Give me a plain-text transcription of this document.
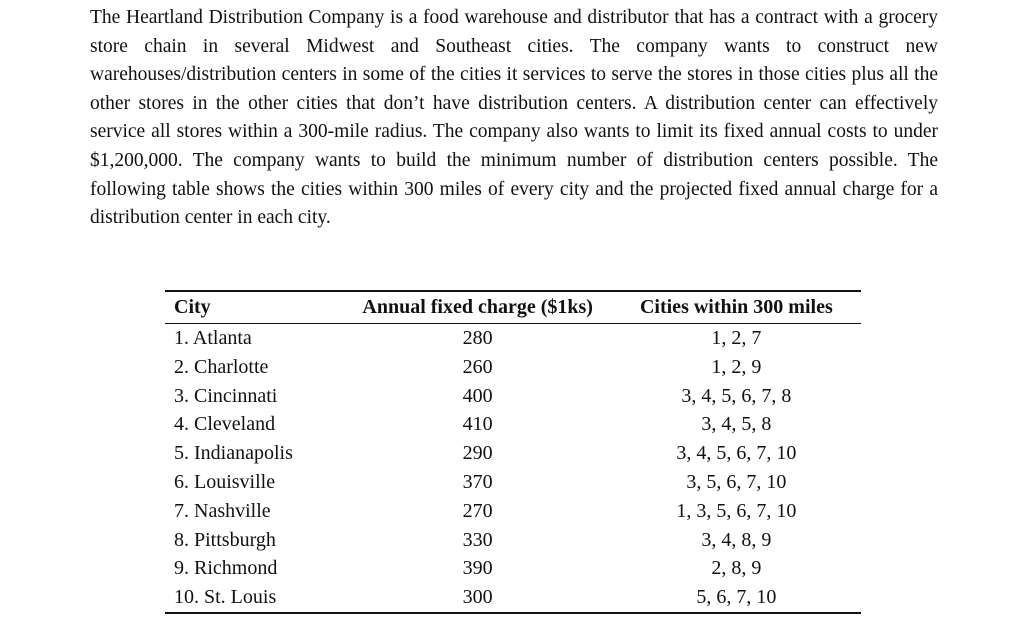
The Heartland Distribution Company is a food warehouse and distributor that has a contract with a grocery store chain in several Midwest and Southeast cities. The company wants to construct new warehouses/distribution centers in some of the cities it services to serve the stores in those cities plus all the other stores in the other cities that don’t have distribution centers. A distribution center can effectively service all stores within a 300-mile radius. The company also wants to limit its fixed annual costs to under $1,200,000. The company wants to build the minimum number of distribution centers possible. The following table shows the cities within 300 miles of every city and the projected fixed annual charge for a distribution center in each city.

City	Annual fixed charge ($1ks)	Cities within 300 miles
1. Atlanta	280	1, 2, 7
2. Charlotte	260	1, 2, 9
3. Cincinnati	400	3, 4, 5, 6, 7, 8
4. Cleveland	410	3, 4, 5, 8
5. Indianapolis	290	3, 4, 5, 6, 7, 10
6. Louisville	370	3, 5, 6, 7, 10
7. Nashville	270	1, 3, 5, 6, 7, 10
8. Pittsburgh	330	3, 4, 8, 9
9. Richmond	390	2, 8, 9
10. St. Louis	300	5, 6, 7, 10
